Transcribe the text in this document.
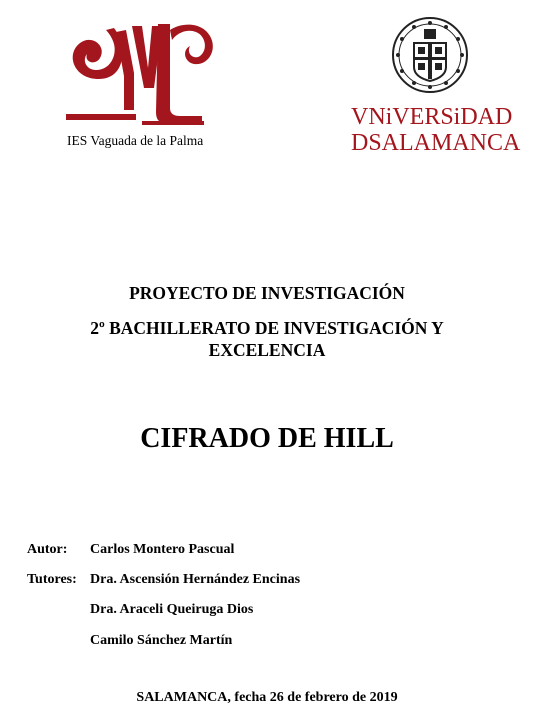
IES Vaguada de la Palma
VNiVERSiDAD
DSALAMANCA
PROYECTO DE INVESTIGACIÓN
2º BACHILLERATO DE INVESTIGACIÓN Y
EXCELENCIA
CIFRADO DE HILL
Autor: Carlos Montero Pascual
Tutores: Dra. Ascensión Hernández Encinas
Dra. Araceli Queiruga Dios
Camilo Sánchez Martín
SALAMANCA, fecha 26 de febrero de 2019
